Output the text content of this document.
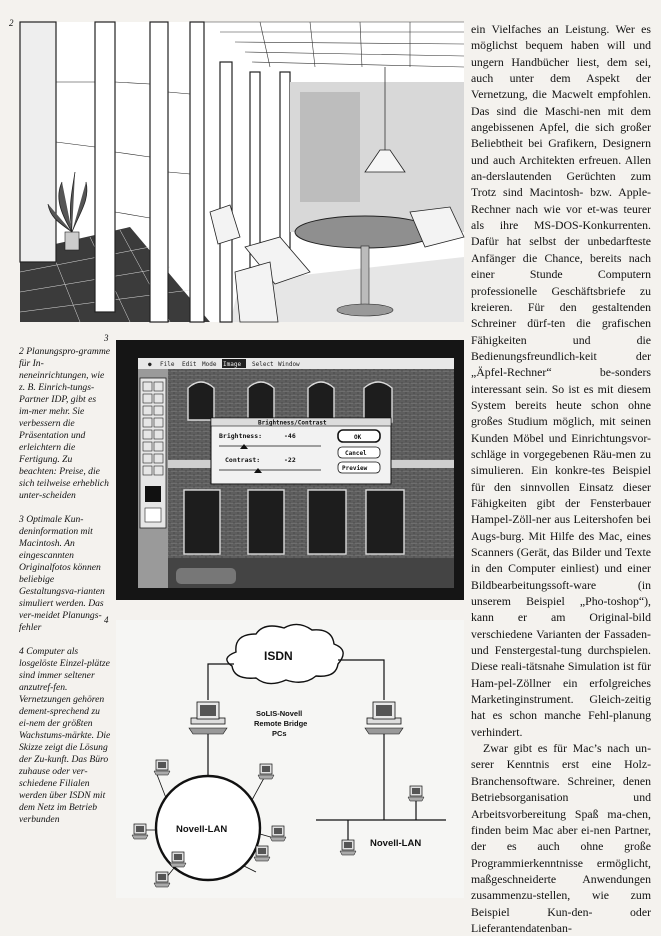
2
3
4
● File Edit Mode Image Select Window
Brightness/Contrast
Brightness:	-46
Contrast:	-22
OK
Cancel
Preview
ISDN
SoLIS-Novell
Remote Bridge
PCs
Novell-LAN
Novell-LAN

2 Planungspro-gramme für In-neneinrichtungen, wie z. B. Einrich-tungs-Partner IDP, gibt es im-mer mehr. Sie verbessern die Präsentation und erleichtern die Fertigung. Zu beachten: Preise, die sich teilweise erheblich unter-scheiden

3 Optimale Kun-deninformation mit Macintosh. An eingescannten Originalfotos können beliebige Gestaltungsva-rianten simuliert werden. Das ver-meidet Planungs-fehler

4 Computer als losgelöste Einzel-plätze sind immer seltener anzutref-fen. Vernetzungen gehören dement-sprechend zu ei-nem der größten Wachstums-märkte. Die Skizze zeigt die Lösung der Zu-kunft. Das Büro zuhause oder ver-schiedene Filialen werden über ISDN mit dem Netz im Betrieb verbunden

ein Vielfaches an Leistung. Wer es möglichst bequem haben will und ungern Handbücher liest, dem sei, auch unter dem Aspekt der Vernetzung, die Macwelt empfohlen. Das sind die Maschi-nen mit dem angebissenen Apfel, die sich großer Beliebtheit bei Grafikern, Designern und auch Architekten erfreuen. Allen an-derslautenden Gerüchten zum Trotz sind Macintosh- bzw. Apple-Rechner nach wie vor et-was teurer als ihre MS-DOS-Konkurrenten. Dafür hat selbst der unbedarfteste Anfänger die Chance, bereits nach einer Stunde Computern professionelle Geschäftsbriefe zu kreieren. Für den gestaltenden Schreiner dürf-ten die grafischen Fähigkeiten und die Bedienungsfreundlich-keit der „Äpfel-Rechner“ be-sonders interessant sein. So ist es mit diesem System bereits heute schon ohne großes Studium möglich, mit seinen Kunden Möbel und Einrichtungsvor-schläge in vorgegebenen Räu-men zu simulieren. Ein konkre-tes Beispiel für den sinnvollen Einsatz dieser Fähigkeiten gibt der Fensterbauer Hampel-Zöll-ner aus Leitershofen bei Augs-burg. Mit Hilfe des Mac, eines Scanners (Gerät, das Bilder und Texte in den Computer einliest) und einer Bildbearbeitungssoft-ware (in unserem Beispiel „Pho-toshop“), kann er am Original-bild verschiedene Varianten der Fassaden- und Fenstergestal-tung durchspielen. Diese reali-tätsnahe Simulation ist für Ham-pel-Zöllner ein erfolgreiches Marketinginstrument. Gleich-zeitig hat es schon manche Fehl-planung verhindert.

Zwar gibt es für Mac’s nach un-serer Kenntnis erst eine Holz-Branchensoftware. Schreiner, denen Betriebsorganisation und Arbeitsvorbereitung Spaß ma-chen, finden beim Mac aber ei-nen Partner, der es auch ohne große Programmierkenntnisse ermöglicht, maßgeschneiderte Anwendungen zusammenzu-stellen, wie zum Beispiel Kun-den- oder Lieferantendatenban-
